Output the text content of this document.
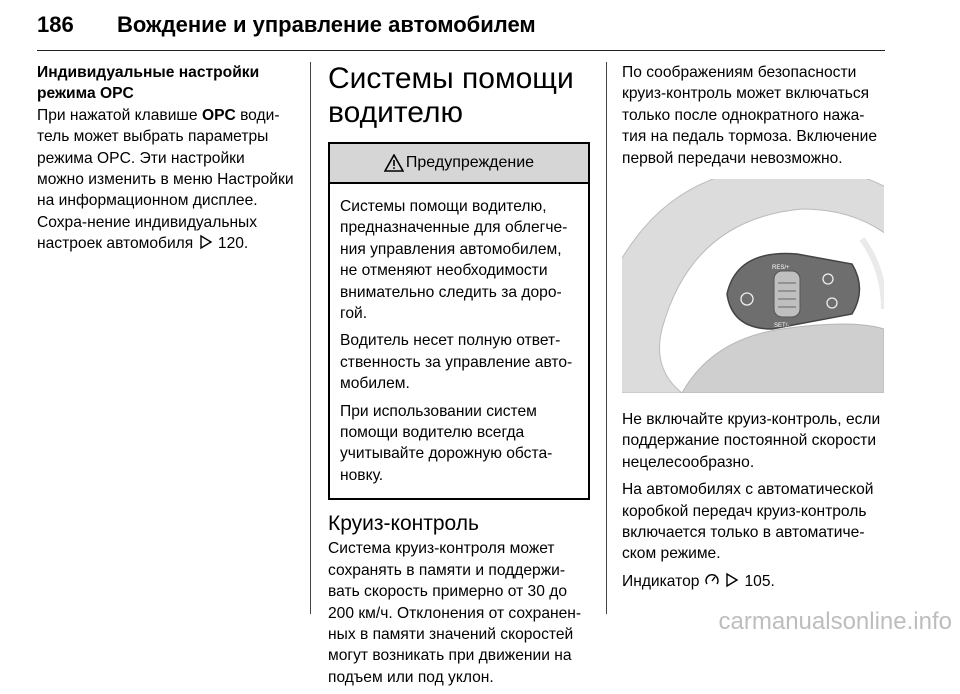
186 Вождение и управление автомобилем

Индивидуальные настройки режима OPC

При нажатой клавише OPC води-тель может выбрать параметры режима OPC. Эти настройки можно изменить в меню Настройки на информационном дисплее. Сохра-нение индивидуальных настроек автомобиля  120.

Системы помощи
водителю
Предупреждение

Системы помощи водителю, предназначенные для облегче-ния управления автомобилем, не отменяют необходимости внимательно следить за доро-гой.

Водитель несет полную ответ-ственность за управление авто-мобилем.

При использовании систем помощи водителю всегда учитывайте дорожную обста-новку.

Круиз-контроль

Система круиз-контроля может сохранять в памяти и поддержи-вать скорость примерно от 30 до 200 км/ч. Отклонения от сохранен-ных в памяти значений скоростей могут возникать при движении на подъем или под уклон.

По соображениям безопасности круиз-контроль может включаться только после однократного нажа-тия на педаль тормоза. Включение первой передачи невозможно.

RES/+
SET/-

Не включайте круиз-контроль, если поддержание постоянной скорости нецелесообразно.

На автомобилях с автоматической коробкой передач круиз-контроль включается только в автоматиче-ском режиме.

Индикатор	105.

carmanualsonline.info
